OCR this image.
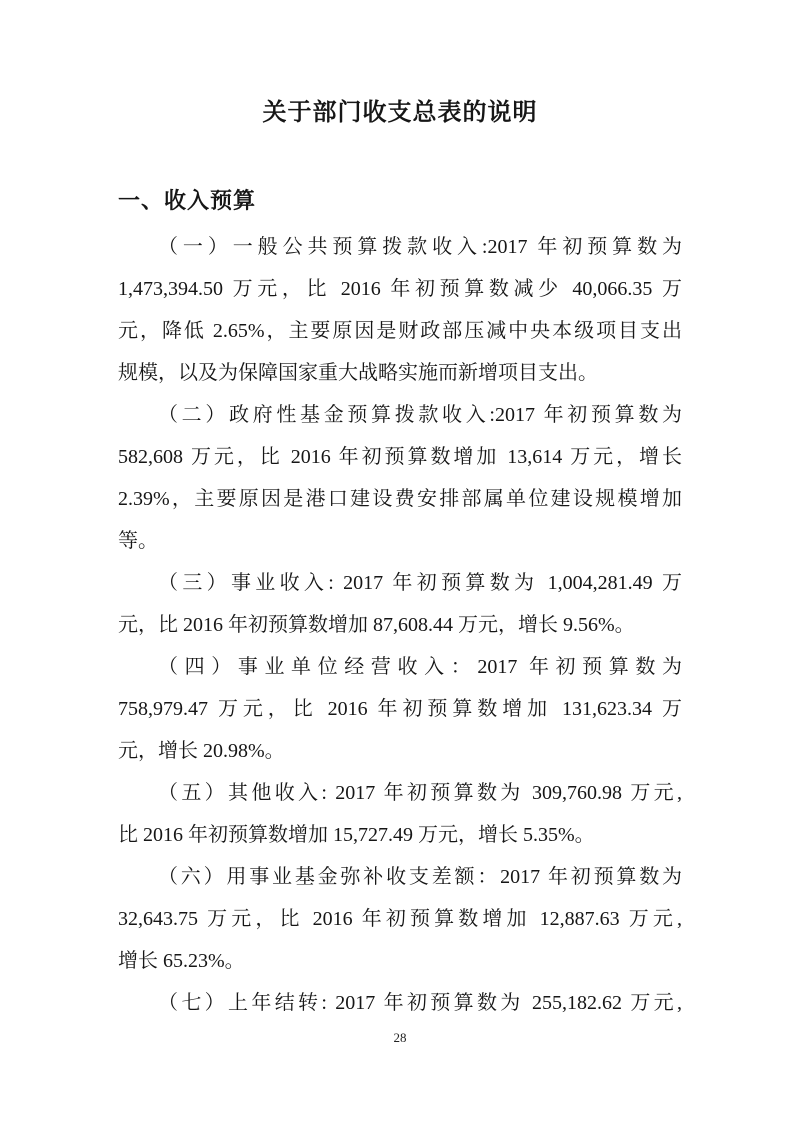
关于部门收支总表的说明
一、收入预算
（一）一般公共预算拨款收入:2017 年初预算数为
1,473,394.50 万元，比 2016 年初预算数减少 40,066.35 万
元，降低 2.65%，主要原因是财政部压减中央本级项目支出
规模，以及为保障国家重大战略实施而新增项目支出。
（二）政府性基金预算拨款收入:2017 年初预算数为
582,608 万元，比 2016 年初预算数增加 13,614 万元，增长
2.39%，主要原因是港口建设费安排部属单位建设规模增加
等。
（三）事业收入: 2017 年初预算数为 1,004,281.49 万
元，比 2016 年初预算数增加 87,608.44 万元，增长 9.56%。
（四）事业单位经营收入：2017 年初预算数为
758,979.47 万元，比 2016 年初预算数增加 131,623.34 万
元，增长 20.98%。
（五）其他收入: 2017 年初预算数为 309,760.98 万元,
比 2016 年初预算数增加 15,727.49 万元，增长 5.35%。
（六）用事业基金弥补收支差额：2017 年初预算数为
32,643.75 万元，比 2016 年初预算数增加 12,887.63 万元,
增长 65.23%。
（七）上年结转: 2017 年初预算数为 255,182.62 万元,
28
